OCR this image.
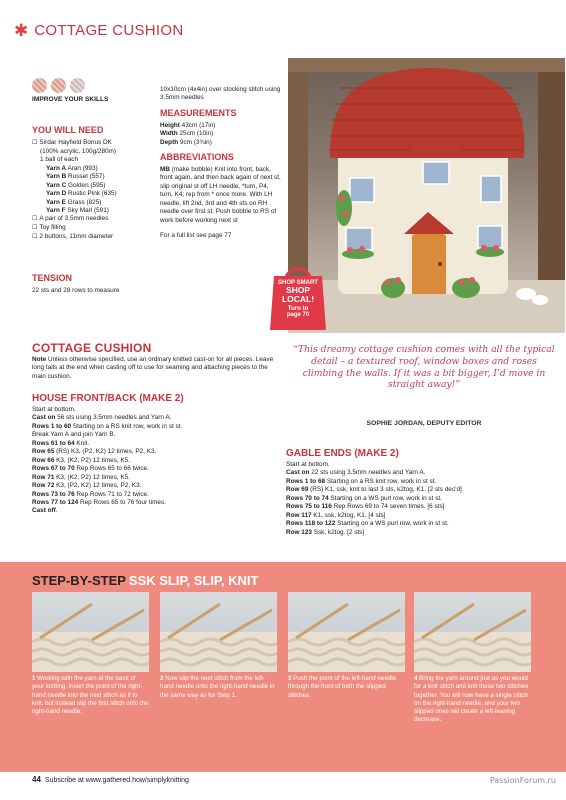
✱ COTTAGE CUSHION
IMPROVE YOUR SKILLS
YOU WILL NEED
☐ Sirdar Hayfield Bonus DK
(100% acrylic, 100g/280m)
1 ball of each
Yarn A Aran (993)
Yarn B Russet (557)
Yarn C Golden (595)
Yarn D Rustic Pink (635)
Yarn E Grass (825)
Yarn F Sky Marl (591)
☐ A pair of 3.5mm needles
☐ Toy filling
☐ 2 buttons, 11mm diameter
TENSION
22 sts and 28 rows to measure

10x10cm (4x4in) over stocking stitch using 3.5mm needles

MEASUREMENTS
Height 43cm (17in)
Width 25cm (10in)
Depth 9cm (3¾in)
ABBREVIATIONS

MB (make bobble) Knit into front, back, front again, and then back again of next st, slip original st off LH needle, *turn, P4, turn, K4; rep from * once more. With LH needle, lift 2nd, 3rd and 4th sts on RH needle over first st. Push bobble to RS of work before working next st

For a full list see page 77

SHOP SMART
SHOP
LOCAL!
Turn to
page 70
COTTAGE CUSHION
Note Unless otherwise specified, use an ordinary knitted cast-on for all pieces. Leave long tails at the end when casting off to use for seaming and attaching pieces to the main cushion.
HOUSE FRONT/BACK (MAKE 2)
Start at bottom.
Cast on 56 sts using 3.5mm needles and Yarn A.
Rows 1 to 60 Starting on a RS knit row, work in st st.
Break Yarn A and join Yarn B.
Rows 61 to 64 Knit.
Row 65 (RS) K3, (P2, K2) 12 times, P2, K3.
Row 66 K3, (K2, P2) 12 times, K5.
Rows 67 to 70 Rep Rows 65 to 66 twice.
Row 71 K3, (K2, P2) 12 times, K5.
Row 72 K3, (P2, K2) 12 times, P2, K3.
Rows 73 to 76 Rep Rows 71 to 72 twice.
Rows 77 to 124 Rep Rows 65 to 76 four times.
Cast off.
“This dreamy cottage cushion comes with all the typical detail – a textured roof, window boxes and roses climbing the walls. If it was a bit bigger, I’d move in straight away!”
SOPHIE JORDAN, DEPUTY EDITOR
GABLE ENDS (MAKE 2)
Start at bottom.
Cast on 22 sts using 3.5mm needles and Yarn A.
Rows 1 to 68 Starting on a RS knit row, work in st st.
Row 69 (RS) K1, ssk, knit to last 3 sts, k2tog, K1. [2 sts dec’d]
Rows 70 to 74 Starting on a WS purl row, work in st st.
Rows 75 to 116 Rep Rows 69 to 74 seven times. [6 sts]
Row 117 K1, ssk, k2tog, K1. [4 sts]
Rows 118 to 122 Starting on a WS purl row, work in st st.
Row 123 Ssk, k2tog. [2 sts]
STEP-BY-STEP SSK SLIP, SLIP, KNIT
1 Working with the yarn at the back of your knitting, insert the point of the right-hand needle into the next stitch as if to knit, but instead slip the first stitch onto the right-hand needle.
2 Now slip the next stitch from the left-hand needle onto the right-hand needle in the same way as for Step 1.
3 Push the point of the left-hand needle through the front of both the slipped stitches.
4 Bring the yarn around just as you would for a knit stitch and knit these two stitches together. You will now have a single stitch on the right-hand needle, and your two slipped ones will create a left-leaning decrease.
44 Subscribe at www.gathered.how/simplyknitting	PassionForum.ru
